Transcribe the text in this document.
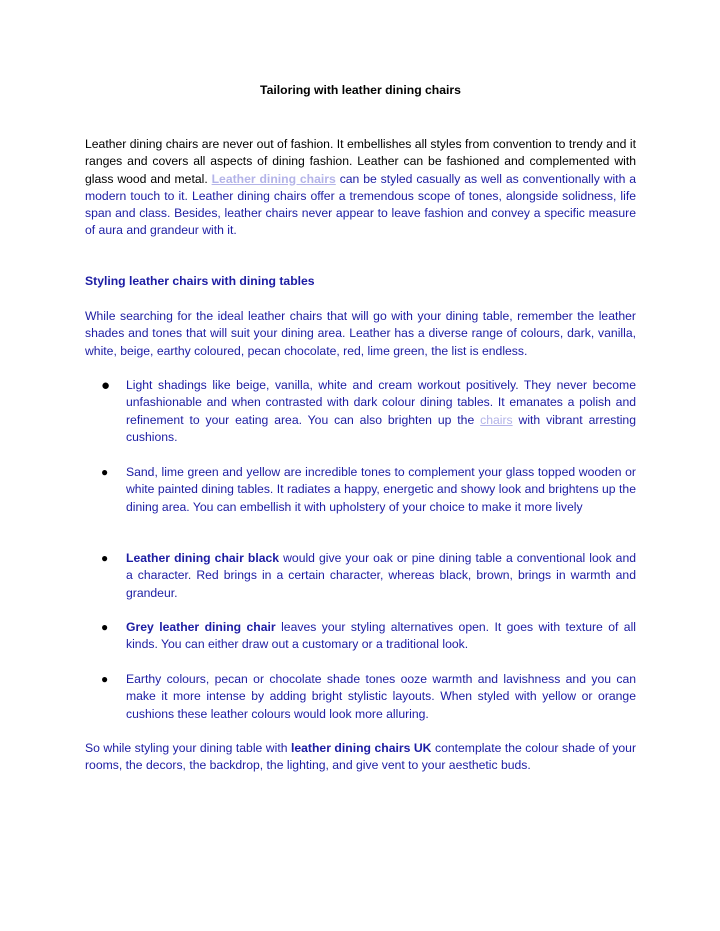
Tailoring with leather dining chairs
Leather dining chairs are never out of fashion. It embellishes all styles from convention to trendy and it ranges and covers all aspects of dining fashion. Leather can be fashioned and complemented with glass wood and metal. Leather dining chairs can be styled casually as well as conventionally with a modern touch to it. Leather dining chairs offer a tremendous scope of tones, alongside solidness, life span and class. Besides, leather chairs never appear to leave fashion and convey a specific measure of aura and grandeur with it.
Styling leather chairs with dining tables
While searching for the ideal leather chairs that will go with your dining table, remember the leather shades and tones that will suit your dining area. Leather has a diverse range of colours, dark, vanilla, white, beige, earthy coloured, pecan chocolate, red, lime green, the list is endless.
● Light shadings like beige, vanilla, white and cream workout positively. They never become unfashionable and when contrasted with dark colour dining tables. It emanates a polish and refinement to your eating area. You can also brighten up the chairs with vibrant arresting cushions.
● Sand, lime green and yellow are incredible tones to complement your glass topped wooden or white painted dining tables. It radiates a happy, energetic and showy look and brightens up the dining area. You can embellish it with upholstery of your choice to make it more lively
● Leather dining chair black would give your oak or pine dining table a conventional look and a character. Red brings in a certain character, whereas black, brown, brings in warmth and grandeur.
● Grey leather dining chair leaves your styling alternatives open. It goes with texture of all kinds. You can either draw out a customary or a traditional look.
● Earthy colours, pecan or chocolate shade tones ooze warmth and lavishness and you can make it more intense by adding bright stylistic layouts. When styled with yellow or orange cushions these leather colours would look more alluring.
So while styling your dining table with leather dining chairs UK contemplate the colour shade of your rooms, the decors, the backdrop, the lighting, and give vent to your aesthetic buds.
